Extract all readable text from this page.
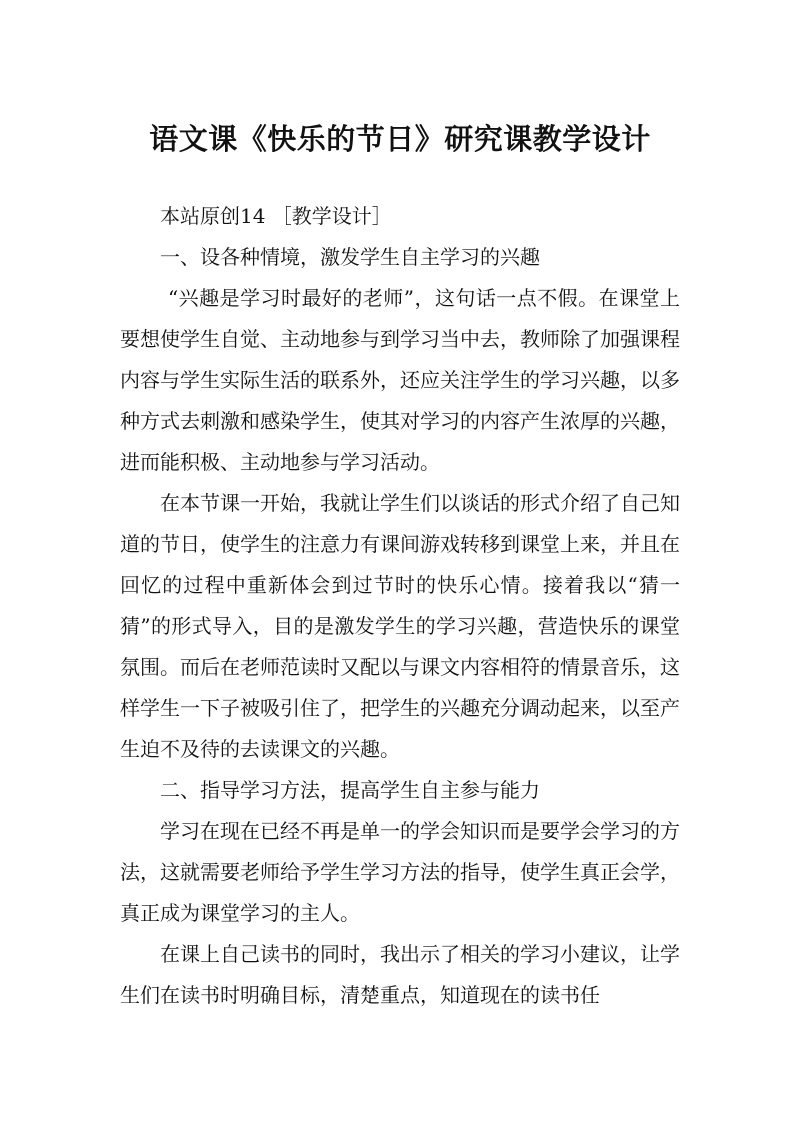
语文课《快乐的节日》研究课教学设计

本站原创14 ［教学设计］

一、设各种情境，激发学生自主学习的兴趣

“兴趣是学习时最好的老师”，这句话一点不假。在课堂上要想使学生自觉、主动地参与到学习当中去，教师除了加强课程内容与学生实际生活的联系外，还应关注学生的学习兴趣，以多种方式去刺激和感染学生，使其对学习的内容产生浓厚的兴趣，进而能积极、主动地参与学习活动。

在本节课一开始，我就让学生们以谈话的形式介绍了自己知道的节日，使学生的注意力有课间游戏转移到课堂上来，并且在回忆的过程中重新体会到过节时的快乐心情。接着我以“猜一猜”的形式导入，目的是激发学生的学习兴趣，营造快乐的课堂氛围。而后在老师范读时又配以与课文内容相符的情景音乐，这样学生一下子被吸引住了，把学生的兴趣充分调动起来，以至产生迫不及待的去读课文的兴趣。

二、指导学习方法，提高学生自主参与能力

学习在现在已经不再是单一的学会知识而是要学会学习的方法，这就需要老师给予学生学习方法的指导，使学生真正会学，真正成为课堂学习的主人。

在课上自己读书的同时，我出示了相关的学习小建议，让学生们在读书时明确目标，清楚重点，知道现在的读书任
